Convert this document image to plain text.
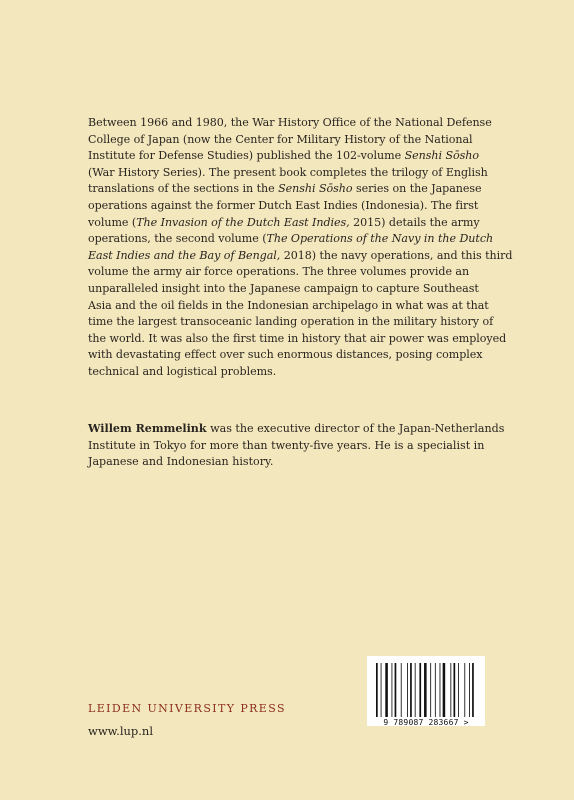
Between 1966 and 1980, the War History Office of the National Defense
College of Japan (now the Center for Military History of the National
Institute for Defense Studies) published the 102-volume Senshi Sōsho
(War History Series). The present book completes the trilogy of English
translations of the sections in the Senshi Sōsho series on the Japanese
operations against the former Dutch East Indies (Indonesia). The first
volume (The Invasion of the Dutch East Indies, 2015) details the army
operations, the second volume (The Operations of the Navy in the Dutch
East Indies and the Bay of Bengal, 2018) the navy operations, and this third
volume the army air force operations. The three volumes provide an
unparalleled insight into the Japanese campaign to capture Southeast
Asia and the oil fields in the Indonesian archipelago in what was at that
time the largest transoceanic landing operation in the military history of
the world. It was also the first time in history that air power was employed
with devastating effect over such enormous distances, posing complex
technical and logistical problems.
Willem Remmelink was the executive director of the Japan-Netherlands
Institute in Tokyo for more than twenty-five years. He is a specialist in
Japanese and Indonesian history.
LEIDEN UNIVERSITY PRESS
www.lup.nl
9 789087 283667 >
